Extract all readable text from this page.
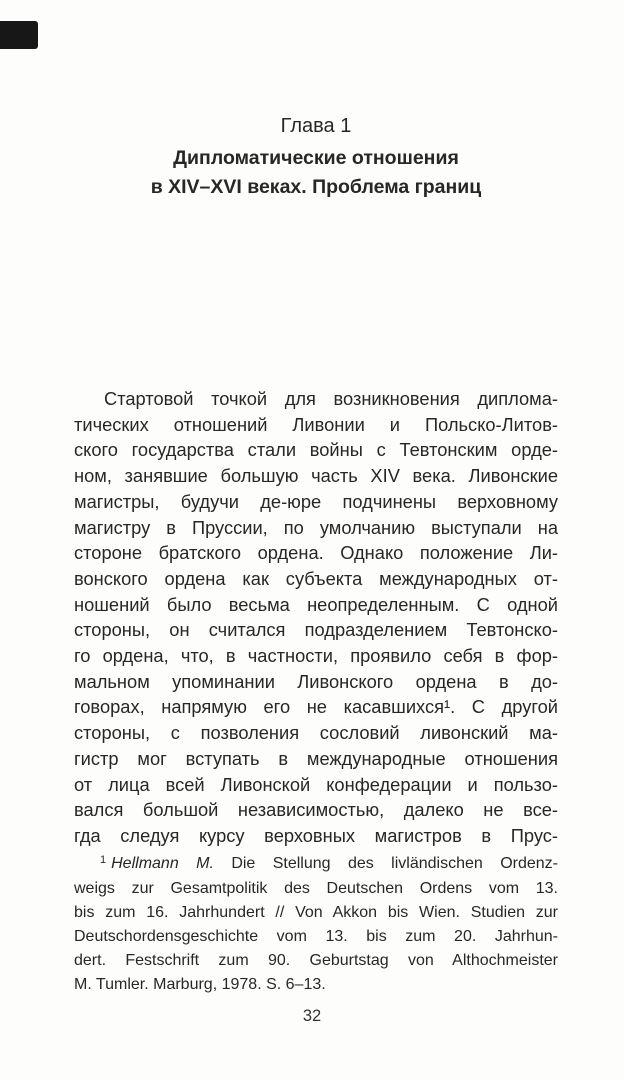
Глава 1
Дипломатические отношения
в XIV–XVI веках. Проблема границ
Стартовой точкой для возникновения диплома-
тических отношений Ливонии и Польско-Литов-
ского государства стали войны с Тевтонским орде-
ном, занявшие большую часть XIV века. Ливонские
магистры, будучи де-юре подчинены верховному
магистру в Пруссии, по умолчанию выступали на
стороне братского ордена. Однако положение Ли-
вонского ордена как субъекта международных от-
ношений было весьма неопределенным. С одной
стороны, он считался подразделением Тевтонско-
го ордена, что, в частности, проявило себя в фор-
мальном упоминании Ливонского ордена в до-
говорах, напрямую его не касавшихся¹. С другой
стороны, с позволения сословий ливонский ма-
гистр мог вступать в международные отношения
от лица всей Ливонской конфедерации и пользо-
вался большой независимостью, далеко не все-
гда следуя курсу верховных магистров в Прус-
$^1$ Hellmann M. Die Stellung des livländischen Ordenz-
weigs zur Gesamtpolitik des Deutschen Ordens vom 13.
bis zum 16. Jahrhundert // Von Akkon bis Wien. Studien zur
Deutschordensgeschichte vom 13. bis zum 20. Jahrhun-
dert. Festschrift zum 90. Geburtstag von Althochmeister
M. Tumler. Marburg, 1978. S. 6–13.
32
